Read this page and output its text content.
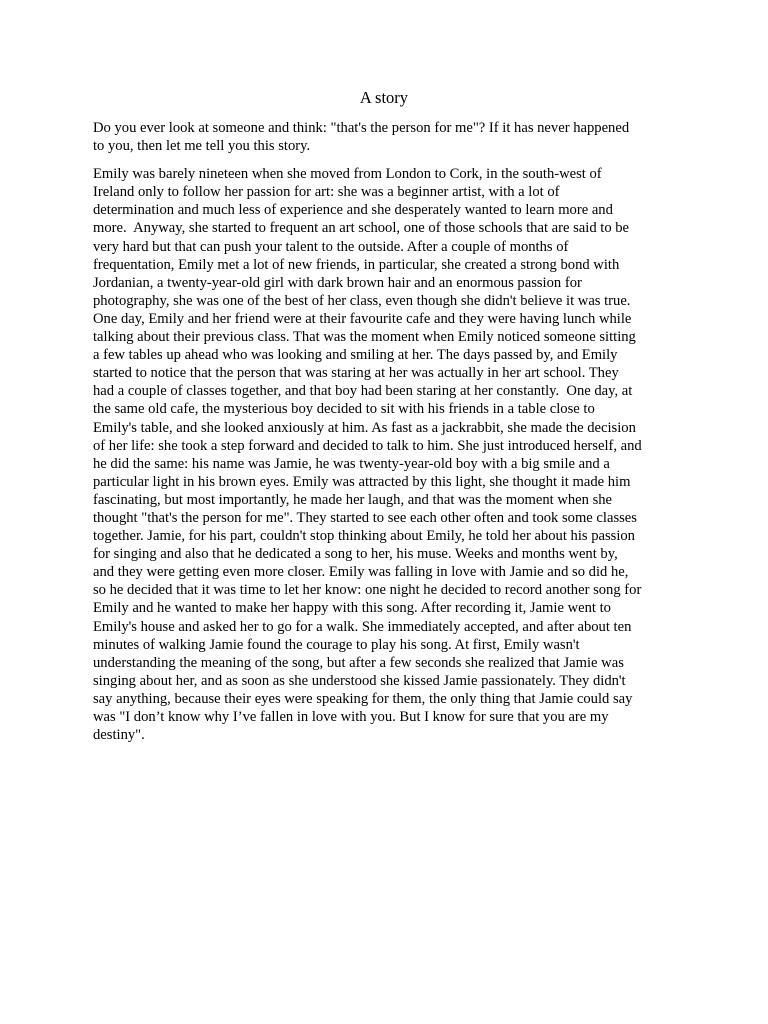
A story
Do you ever look at someone and think: "that's the person for me"? If it has never happened
to you, then let me tell you this story.
Emily was barely nineteen when she moved from London to Cork, in the south-west of
Ireland only to follow her passion for art: she was a beginner artist, with a lot of
determination and much less of experience and she desperately wanted to learn more and
more.  Anyway, she started to frequent an art school, one of those schools that are said to be
very hard but that can push your talent to the outside. After a couple of months of
frequentation, Emily met a lot of new friends, in particular, she created a strong bond with
Jordanian, a twenty-year-old girl with dark brown hair and an enormous passion for
photography, she was one of the best of her class, even though she didn't believe it was true.
One day, Emily and her friend were at their favourite cafe and they were having lunch while
talking about their previous class. That was the moment when Emily noticed someone sitting
a few tables up ahead who was looking and smiling at her. The days passed by, and Emily
started to notice that the person that was staring at her was actually in her art school. They
had a couple of classes together, and that boy had been staring at her constantly.  One day, at
the same old cafe, the mysterious boy decided to sit with his friends in a table close to
Emily's table, and she looked anxiously at him. As fast as a jackrabbit, she made the decision
of her life: she took a step forward and decided to talk to him. She just introduced herself, and
he did the same: his name was Jamie, he was twenty-year-old boy with a big smile and a
particular light in his brown eyes. Emily was attracted by this light, she thought it made him
fascinating, but most importantly, he made her laugh, and that was the moment when she
thought "that's the person for me". They started to see each other often and took some classes
together. Jamie, for his part, couldn't stop thinking about Emily, he told her about his passion
for singing and also that he dedicated a song to her, his muse. Weeks and months went by,
and they were getting even more closer. Emily was falling in love with Jamie and so did he,
so he decided that it was time to let her know: one night he decided to record another song for
Emily and he wanted to make her happy with this song. After recording it, Jamie went to
Emily's house and asked her to go for a walk. She immediately accepted, and after about ten
minutes of walking Jamie found the courage to play his song. At first, Emily wasn't
understanding the meaning of the song, but after a few seconds she realized that Jamie was
singing about her, and as soon as she understood she kissed Jamie passionately. They didn't
say anything, because their eyes were speaking for them, the only thing that Jamie could say
was "I don’t know why I’ve fallen in love with you. But I know for sure that you are my
destiny".
